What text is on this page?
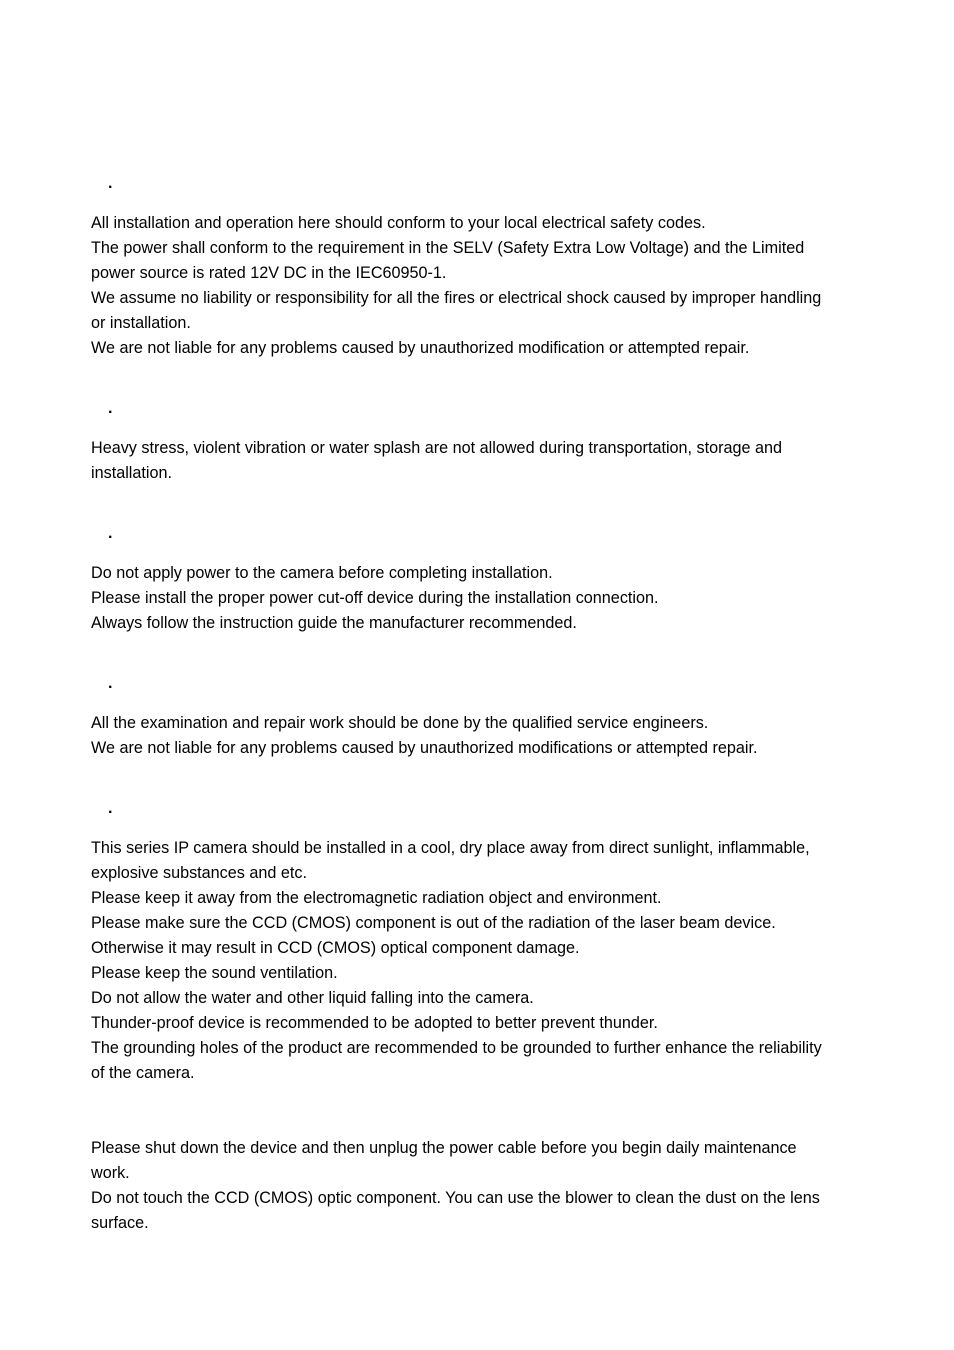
·

All installation and operation here should conform to your local electrical safety codes.
The power shall conform to the requirement in the SELV (Safety Extra Low Voltage) and the Limited
power source is rated 12V DC in the IEC60950-1.
We assume no liability or responsibility for all the fires or electrical shock caused by improper handling
or installation.
We are not liable for any problems caused by unauthorized modification or attempted repair.

·

Heavy stress, violent vibration or water splash are not allowed during transportation, storage and
installation.

·

Do not apply power to the camera before completing installation.
Please install the proper power cut-off device during the installation connection.
Always follow the instruction guide the manufacturer recommended.

·

All the examination and repair work should be done by the qualified service engineers.
We are not liable for any problems caused by unauthorized modifications or attempted repair.

·

This series IP camera should be installed in a cool, dry place away from direct sunlight, inflammable,
explosive substances and etc.
Please keep it away from the electromagnetic radiation object and environment.
Please make sure the CCD (CMOS) component is out of the radiation of the laser beam device.
Otherwise it may result in CCD (CMOS) optical component damage.
Please keep the sound ventilation.
Do not allow the water and other liquid falling into the camera.
Thunder-proof device is recommended to be adopted to better prevent thunder.
The grounding holes of the product are recommended to be grounded to further enhance the reliability
of the camera.

Please shut down the device and then unplug the power cable before you begin daily maintenance
work.
Do not touch the CCD (CMOS) optic component. You can use the blower to clean the dust on the lens
surface.
